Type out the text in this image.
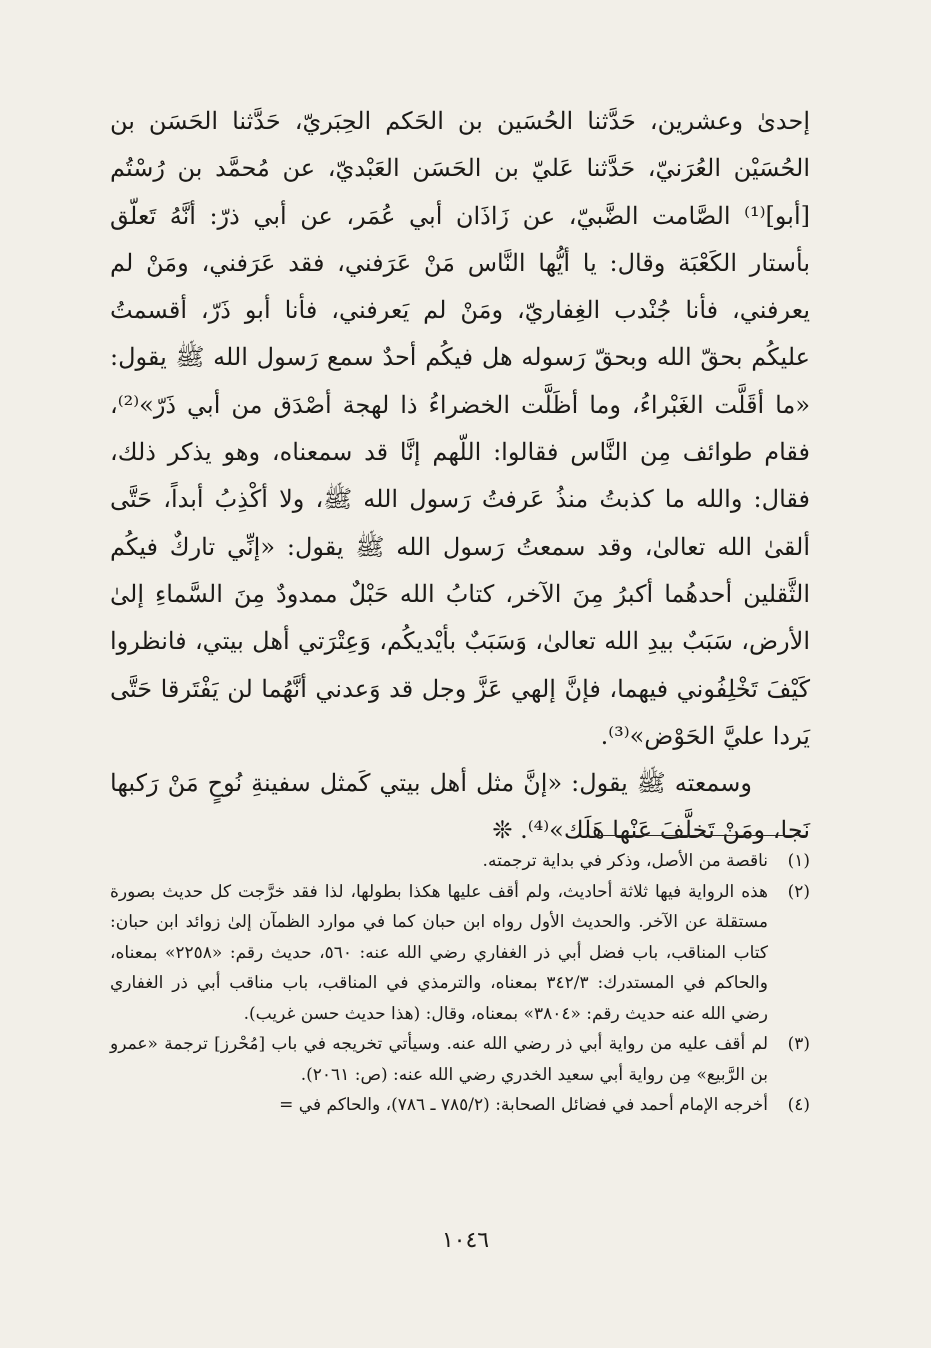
إحدىٰ وعشرين، حَدَّثنا الحُسَين بن الحَكم الحِبَريّ، حَدَّثنا الحَسَن بن الحُسَيْن العُرَنيّ، حَدَّثنا عَليّ بن الحَسَن العَبْديّ، عن مُحمَّد بن رُسْتُم [أبو]⁽¹⁾ الصَّامت الضَّبيّ، عن زَاذَان أبي عُمَر، عن أبي ذرّ: أنَّهُ تَعلّق بأستار الكَعْبَة وقال: يا أيُّها النَّاس مَنْ عَرَفني، فقد عَرَفني، ومَنْ لم يعرفني، فأنا جُنْدب الغِفاريّ، ومَنْ لم يَعرفني، فأنا أبو ذَرّ، أقسمتُ عليكُم بحقّ الله وبحقّ رَسوله هل فيكُم أحدٌ سمع رَسول الله ﷺ يقول: «ما أقَلَّت الغَبْراءُ، وما أظَلَّت الخضراءُ ذا لهجة أصْدَق من أبي ذَرّ»⁽²⁾، فقام طوائف مِن النَّاس فقالوا: اللّهم إنَّا قد سمعناه، وهو يذكر ذلك، فقال: والله ما كذبتُ منذُ عَرفتُ رَسول الله ﷺ، ولا أكْذِبُ أبداً، حَتَّى ألقىٰ الله تعالىٰ، وقد سمعتُ رَسول الله ﷺ يقول: «إنِّي تاركٌ فيكُم الثَّقلين أحدهُما أكبرُ مِنَ الآخر، كتابُ الله حَبْلٌ ممدودٌ مِنَ السَّماءِ إلىٰ الأرض، سَبَبٌ بيدِ الله تعالىٰ، وَسَبَبٌ بأيْديكُم، وَعِتْرَتي أهل بيتي، فانظروا كَيْفَ تَخْلِفُوني فيهما، فإنَّ إلهي عَزَّ وجل قد وَعدني أنَّهُما لن يَفْتَرقا حَتَّى يَردا عليَّ الحَوْض»⁽³⁾.

وسمعته ﷺ يقول: «إنَّ مثل أهل بيتي كَمثل سفينةِ نُوحٍ مَنْ رَكبها نَجا، ومَنْ تَخلَّفَ عَنْها هَلَك»⁽⁴⁾. ❊

(١)
ناقصة من الأصل، وذكر في بداية ترجمته.
(٢)
هذه الرواية فيها ثلاثة أحاديث، ولم أقف عليها هكذا بطولها، لذا فقد خرَّجت كل حديث بصورة مستقلة عن الآخر. والحديث الأول رواه ابن حبان كما في موارد الظمآن إلىٰ زوائد ابن حبان: كتاب المناقب، باب فضل أبي ذر الغفاري رضي الله عنه: ٥٦٠، حديث رقم: «٢٢٥٨» بمعناه، والحاكم في المستدرك: ٣٤٢/٣ بمعناه، والترمذي في المناقب، باب مناقب أبي ذر الغفاري رضي الله عنه حديث رقم: «٣٨٠٤» بمعناه، وقال: (هذا حديث حسن غريب).
(٣)
لم أقف عليه من رواية أبي ذر رضي الله عنه. وسيأتي تخريجه في باب [مُحْرز] ترجمة «عمرو بن الرَّبيع» مِن رواية أبي سعيد الخدري رضي الله عنه: (ص: ٢٠٦١).
(٤)
أخرجه الإمام أحمد في فضائل الصحابة: (٧٨٥/٢ ـ ٧٨٦)، والحاكم في =
١٠٤٦
